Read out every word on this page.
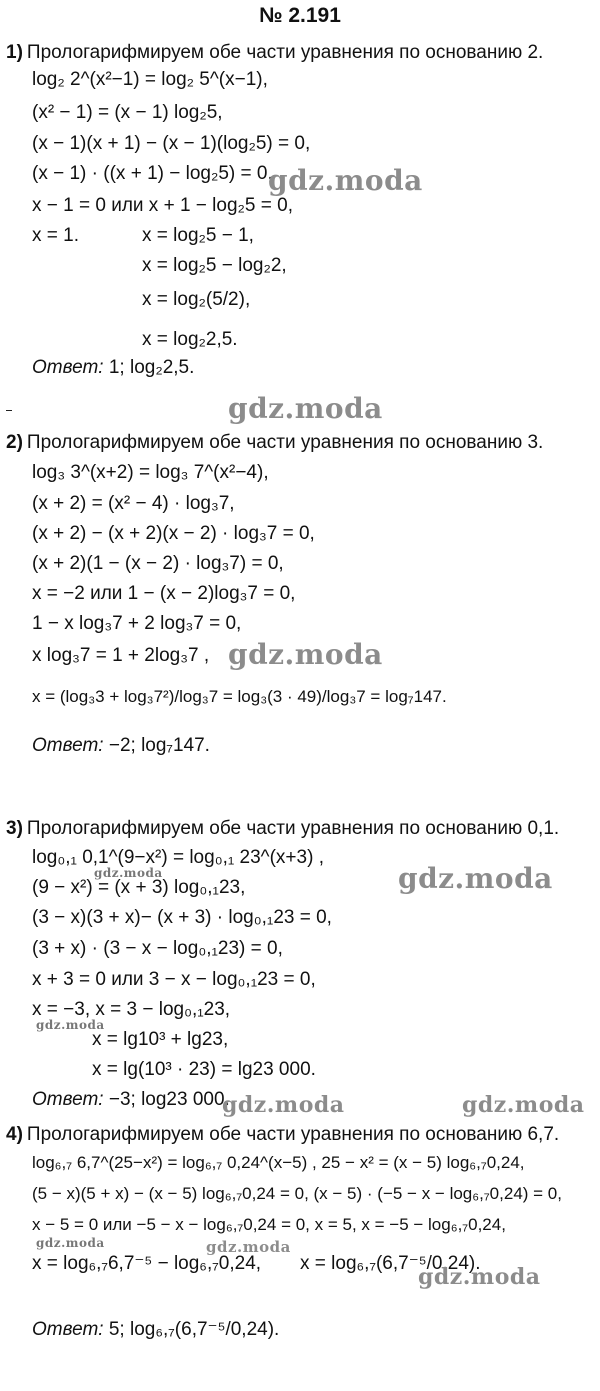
№ 2.191
1) Прологарифмируем обе части уравнения по основанию 2.
log₂ 2^(x²−1) = log₂ 5^(x−1),
(x² − 1) = (x − 1) log₂5,
(x − 1)(x + 1) − (x − 1)(log₂5) = 0,
(x − 1) · ((x + 1) − log₂5) = 0,
x − 1 = 0 или x + 1 − log₂5 = 0,
x = 1.	x = log₂5 − 1,
x = log₂5 − log₂2,
x = log₂(5/2),
x = log₂2,5.
Ответ: 1; log₂2,5.
2) Прологарифмируем обе части уравнения по основанию 3.
log₃ 3^(x+2) = log₃ 7^(x²−4),
(x + 2) = (x² − 4) · log₃7,
(x + 2) − (x + 2)(x − 2) · log₃7 = 0,
(x + 2)(1 − (x − 2) · log₃7) = 0,
x = −2 или 1 − (x − 2)log₃7 = 0,
1 − x log₃7 + 2 log₃7 = 0,
x log₃7 = 1 + 2log₃7 ,
x = (log₃3 + log₃7²)/log₃7 = log₃(3 · 49)/log₃7 = log₇147.
Ответ: −2; log₇147.
3) Прологарифмируем обе части уравнения по основанию 0,1.
log₀,₁ 0,1^(9−x²) = log₀,₁ 23^(x+3) ,
(9 − x²) = (x + 3) log₀,₁23,
(3 − x)(3 + x)− (x + 3) · log₀,₁23 = 0,
(3 + x) · (3 − x − log₀,₁23) = 0,
x + 3 = 0 или 3 − x − log₀,₁23 = 0,
x = −3, x = 3 − log₀,₁23,
x = lg10³ + lg23,
x = lg(10³ · 23) = lg23 000.
Ответ: −3; log23 000.
4) Прологарифмируем обе части уравнения по основанию 6,7.
log₆,₇ 6,7^(25−x²) = log₆,₇ 0,24^(x−5) , 25 − x² = (x − 5) log₆,₇0,24,
(5 − x)(5 + x) − (x − 5) log₆,₇0,24 = 0, (x − 5) · (−5 − x − log₆,₇0,24) = 0,
x − 5 = 0 или −5 − x − log₆,₇0,24 = 0, x = 5, x = −5 − log₆,₇0,24,
x = log₆,₇6,7⁻⁵ − log₆,₇0,24, x = log₆,₇(6,7⁻⁵/0,24).
Ответ: 5; log₆,₇(6,7⁻⁵/0,24).
gdz.moda
gdz.moda
gdz.moda
gdz.moda
gdz.moda
gdz.moda
gdz.moda	gdz.moda
gdz.moda	gdz.moda
gdz.moda
